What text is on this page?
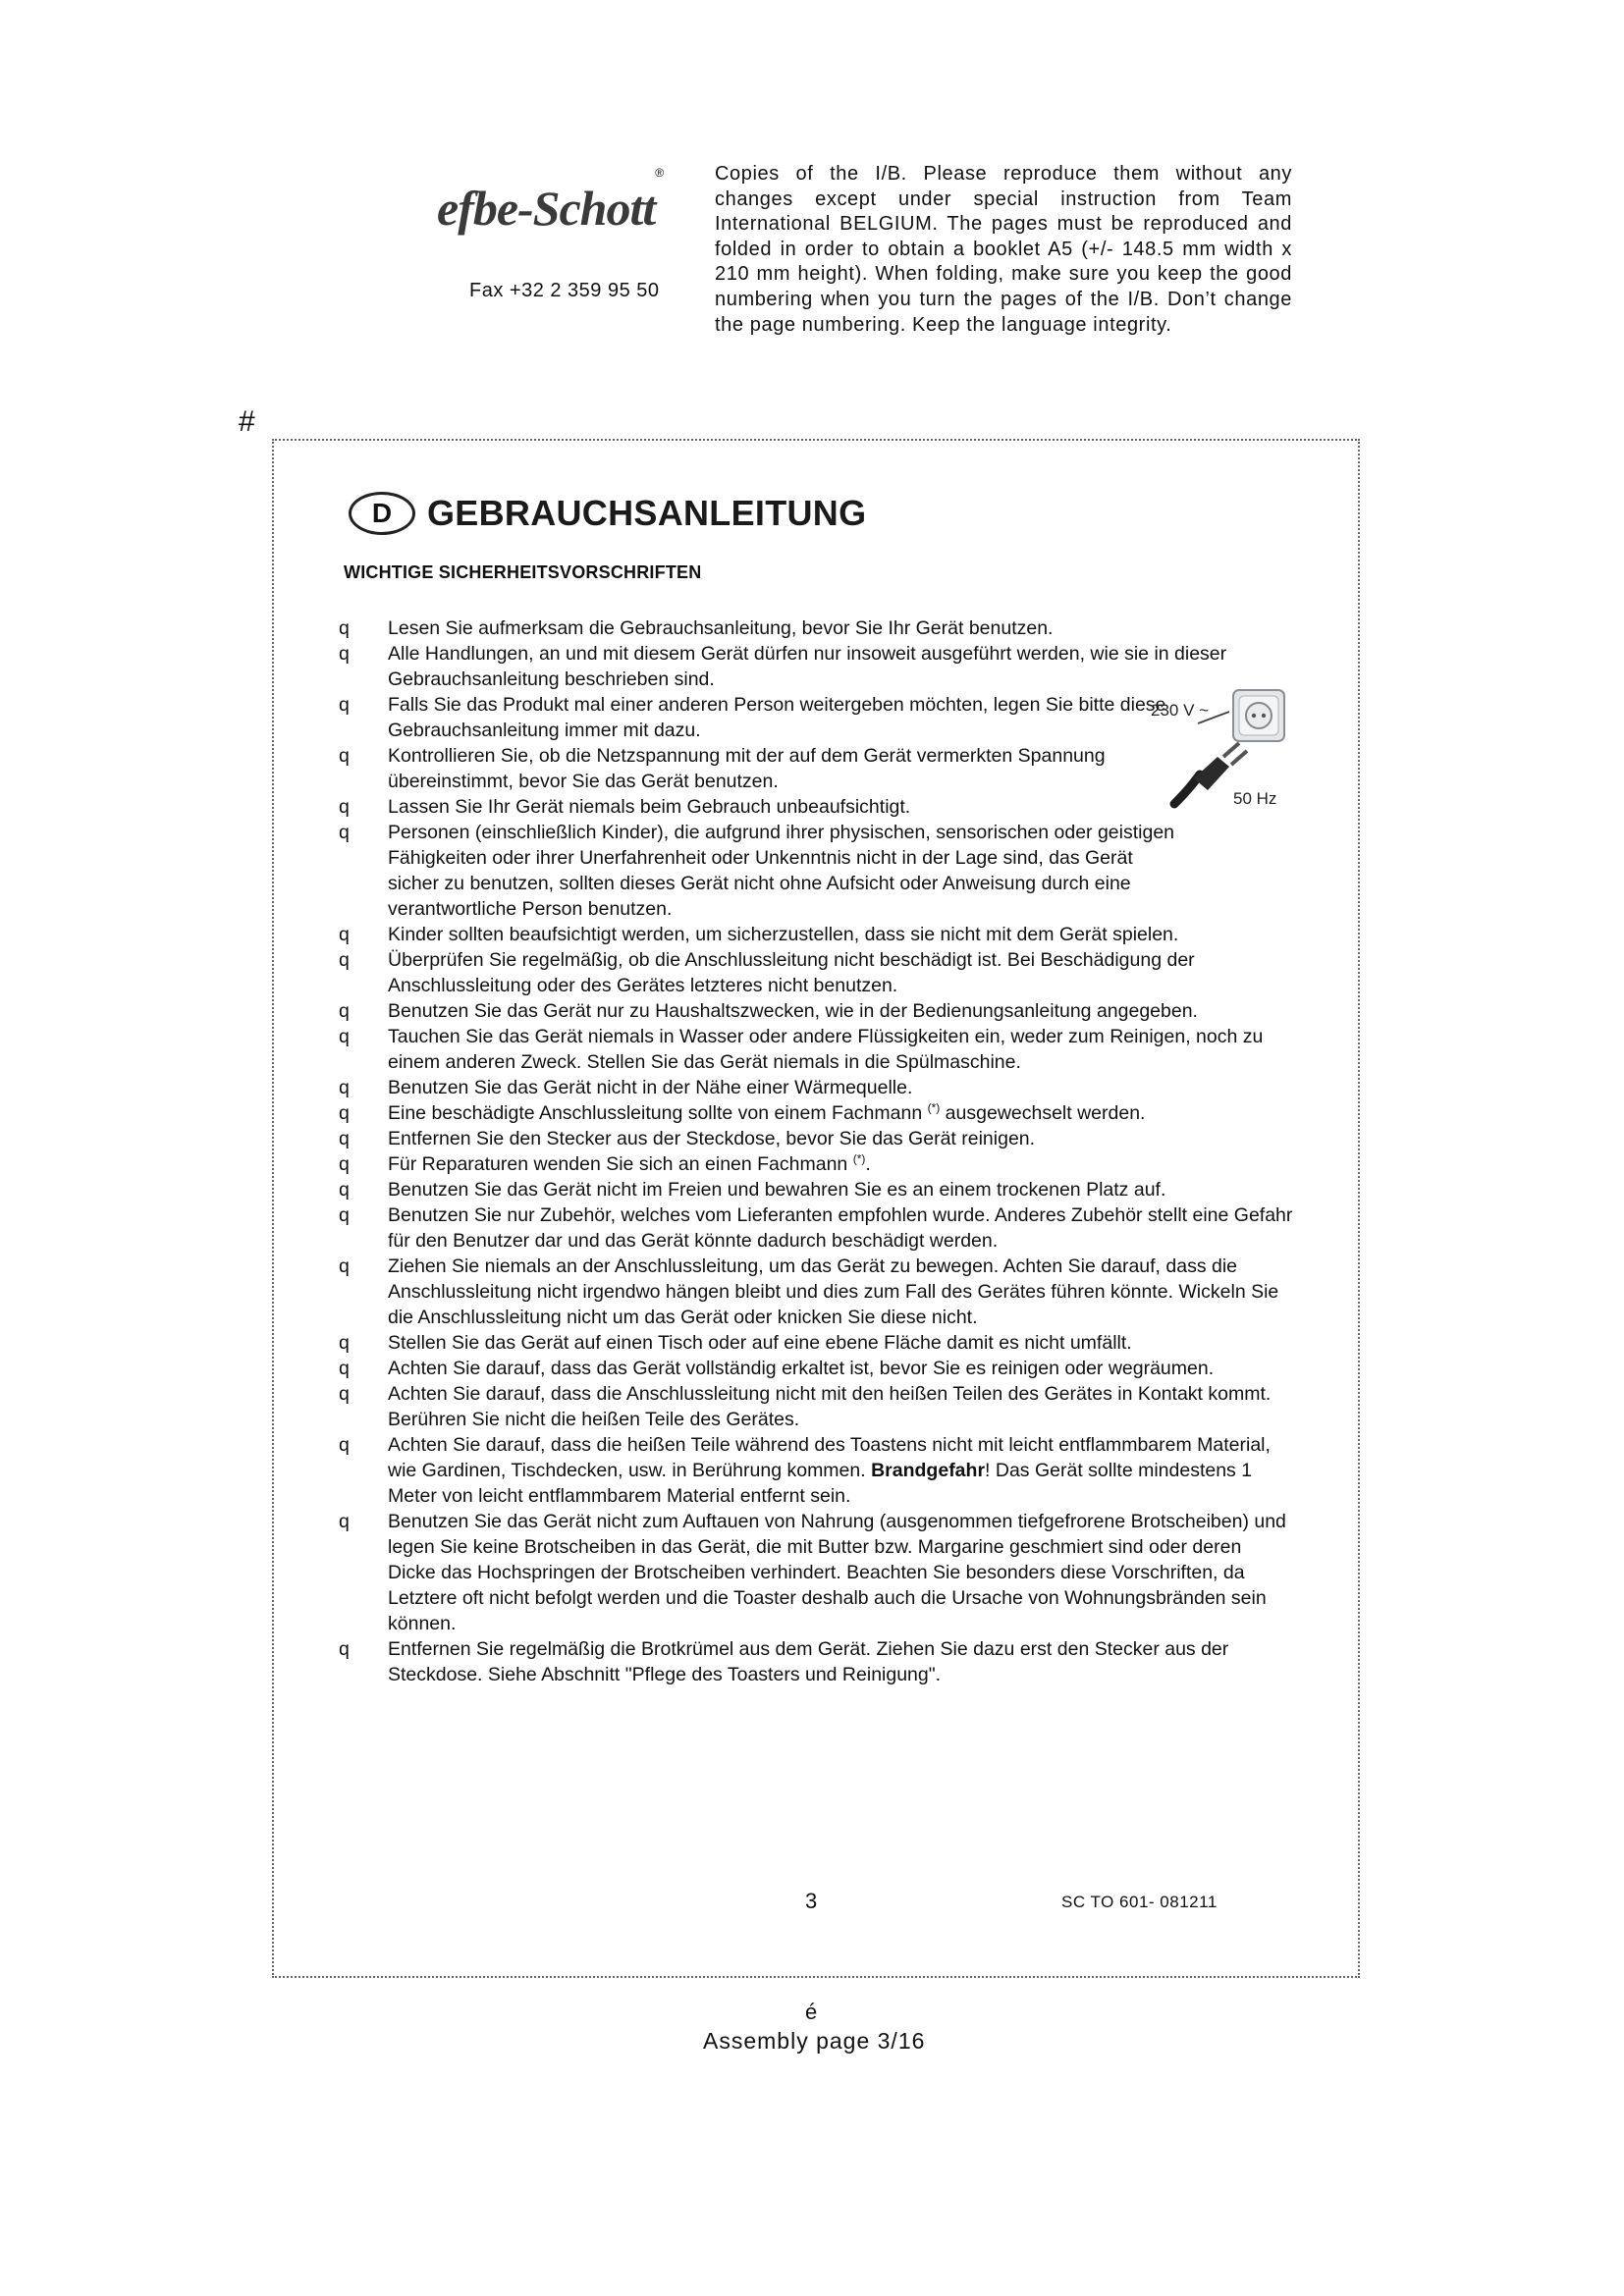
efbe-Schott®
Fax +32 2 359 95 50

Copies of the I/B. Please reproduce them without any changes except under special instruction from Team International BELGIUM. The pages must be reproduced and folded in order to obtain a booklet A5 (+/- 148.5 mm width x 210 mm height). When folding, make sure you keep the good numbering when you turn the pages of the I/B. Don’t change the page numbering. Keep the language integrity.

#
D GEBRAUCHSANLEITUNG
WICHTIGE SICHERHEITSVORSCHRIFTEN
q Lesen Sie aufmerksam die Gebrauchsanleitung, bevor Sie Ihr Gerät benutzen.
q Alle Handlungen, an und mit diesem Gerät dürfen nur insoweit ausgeführt werden, wie sie in dieser Gebrauchsanleitung beschrieben sind.
q Falls Sie das Produkt mal einer anderen Person weitergeben möchten, legen Sie bitte diese Gebrauchsanleitung immer mit dazu.
q Kontrollieren Sie, ob die Netzspannung mit der auf dem Gerät vermerkten Spannung übereinstimmt, bevor Sie das Gerät benutzen.
q Lassen Sie Ihr Gerät niemals beim Gebrauch unbeaufsichtigt.
q Personen (einschließlich Kinder), die aufgrund ihrer physischen, sensorischen oder geistigen Fähigkeiten oder ihrer Unerfahrenheit oder Unkenntnis nicht in der Lage sind, das Gerät sicher zu benutzen, sollten dieses Gerät nicht ohne Aufsicht oder Anweisung durch eine verantwortliche Person benutzen.
q Kinder sollten beaufsichtigt werden, um sicherzustellen, dass sie nicht mit dem Gerät spielen.
q Überprüfen Sie regelmäßig, ob die Anschlussleitung nicht beschädigt ist. Bei Beschädigung der Anschlussleitung oder des Gerätes letzteres nicht benutzen.
q Benutzen Sie das Gerät nur zu Haushaltszwecken, wie in der Bedienungsanleitung angegeben.
q Tauchen Sie das Gerät niemals in Wasser oder andere Flüssigkeiten ein, weder zum Reinigen, noch zu einem anderen Zweck. Stellen Sie das Gerät niemals in die Spülmaschine.
q Benutzen Sie das Gerät nicht in der Nähe einer Wärmequelle.
q Eine beschädigte Anschlussleitung sollte von einem Fachmann (*) ausgewechselt werden.
q Entfernen Sie den Stecker aus der Steckdose, bevor Sie das Gerät reinigen.
q Für Reparaturen wenden Sie sich an einen Fachmann (*).
q Benutzen Sie das Gerät nicht im Freien und bewahren Sie es an einem trockenen Platz auf.
q Benutzen Sie nur Zubehör, welches vom Lieferanten empfohlen wurde. Anderes Zubehör stellt eine Gefahr für den Benutzer dar und das Gerät könnte dadurch beschädigt werden.
q Ziehen Sie niemals an der Anschlussleitung, um das Gerät zu bewegen. Achten Sie darauf, dass die Anschlussleitung nicht irgendwo hängen bleibt und dies zum Fall des Gerätes führen könnte. Wickeln Sie die Anschlussleitung nicht um das Gerät oder knicken Sie diese nicht.
q Stellen Sie das Gerät auf einen Tisch oder auf eine ebene Fläche damit es nicht umfällt.
q Achten Sie darauf, dass das Gerät vollständig erkaltet ist, bevor Sie es reinigen oder wegräumen.
q Achten Sie darauf, dass die Anschlussleitung nicht mit den heißen Teilen des Gerätes in Kontakt kommt. Berühren Sie nicht die heißen Teile des Gerätes.
q Achten Sie darauf, dass die heißen Teile während des Toastens nicht mit leicht entflammbarem Material, wie Gardinen, Tischdecken, usw. in Berührung kommen. Brandgefahr! Das Gerät sollte mindestens 1 Meter von leicht entflammbarem Material entfernt sein.
q Benutzen Sie das Gerät nicht zum Auftauen von Nahrung (ausgenommen tiefgefrorene Brotscheiben) und legen Sie keine Brotscheiben in das Gerät, die mit Butter bzw. Margarine geschmiert sind oder deren Dicke das Hochspringen der Brotscheiben verhindert. Beachten Sie besonders diese Vorschriften, da Letztere oft nicht befolgt werden und die Toaster deshalb auch die Ursache von Wohnungsbränden sein können.
q Entfernen Sie regelmäßig die Brotkrümel aus dem Gerät. Ziehen Sie dazu erst den Stecker aus der Steckdose. Siehe Abschnitt "Pflege des Toasters und Reinigung".
230 V ~
50 Hz
3	SC TO 601- 081211
é
Assembly page 3/16
